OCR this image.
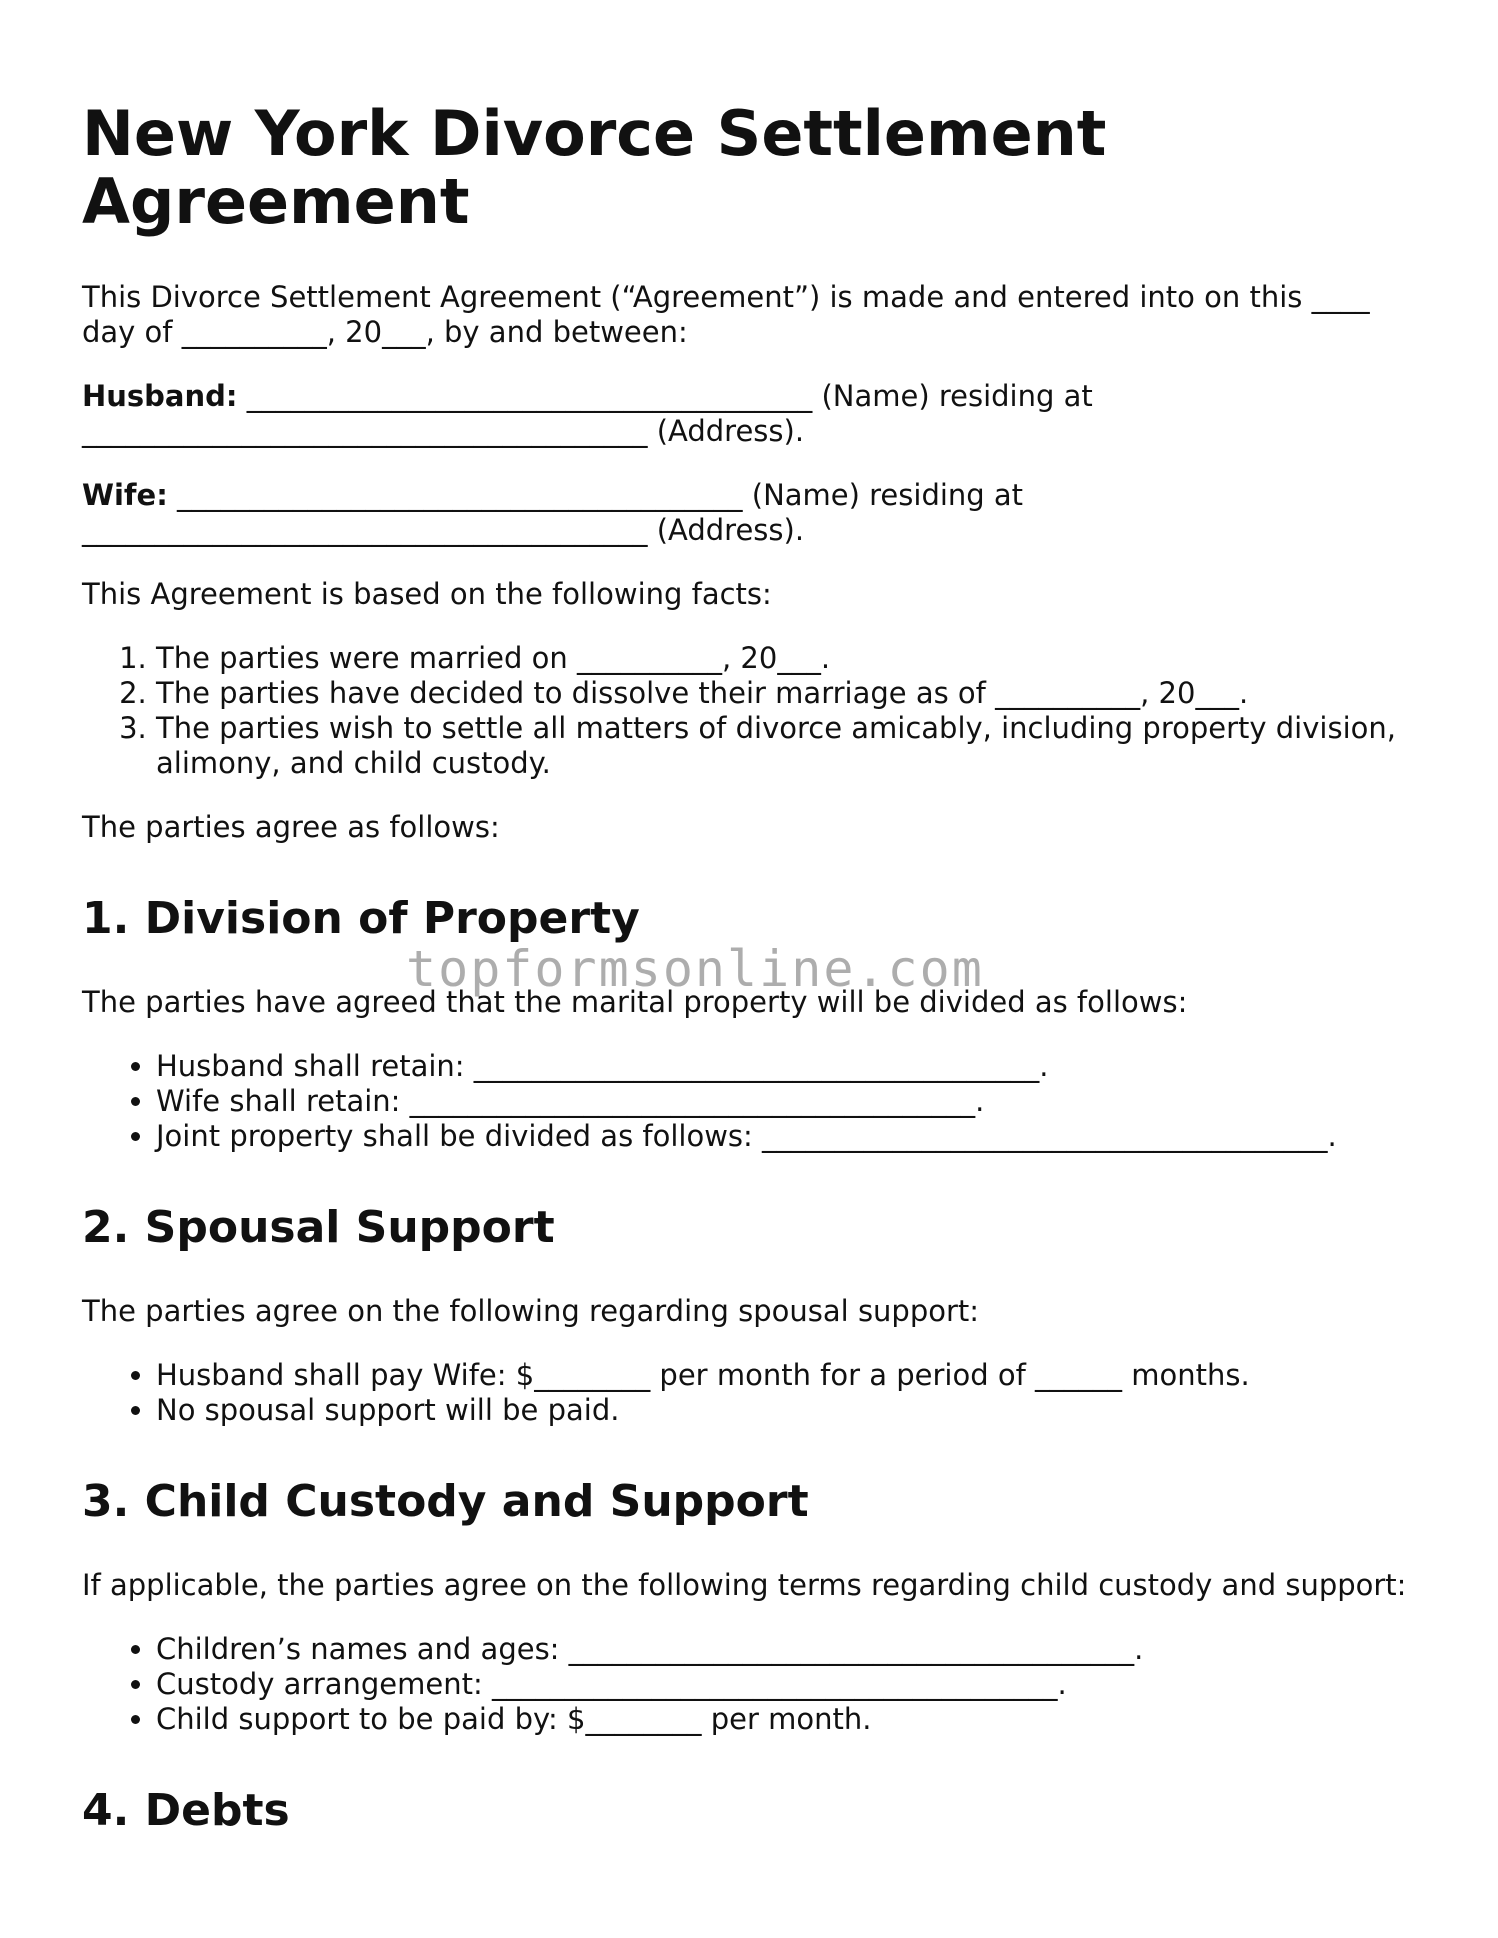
New York Divorce Settlement Agreement

This Divorce Settlement Agreement (“Agreement”) is made and entered into on this ____ day of __________, 20___, by and between:

Husband: _______________________________________ (Name) residing at _______________________________________ (Address).

Wife: _______________________________________ (Name) residing at _______________________________________ (Address).

This Agreement is based on the following facts:

1. The parties were married on __________, 20___.
2. The parties have decided to dissolve their marriage as of __________, 20___.
3. The parties wish to settle all matters of divorce amicably, including property division, alimony, and child custody.

The parties agree as follows:

1. Division of Property

The parties have agreed that the marital property will be divided as follows:

• Husband shall retain: _______________________________________.
• Wife shall retain: _______________________________________.
• Joint property shall be divided as follows: _______________________________________.
2. Spousal Support

The parties agree on the following regarding spousal support:

• Husband shall pay Wife: $________ per month for a period of ______ months.
• No spousal support will be paid.
3. Child Custody and Support

If applicable, the parties agree on the following terms regarding child custody and support:

• Children’s names and ages: _______________________________________.
• Custody arrangement: _______________________________________.
• Child support to be paid by: $________ per month.
4. Debts
topformsonline.com
